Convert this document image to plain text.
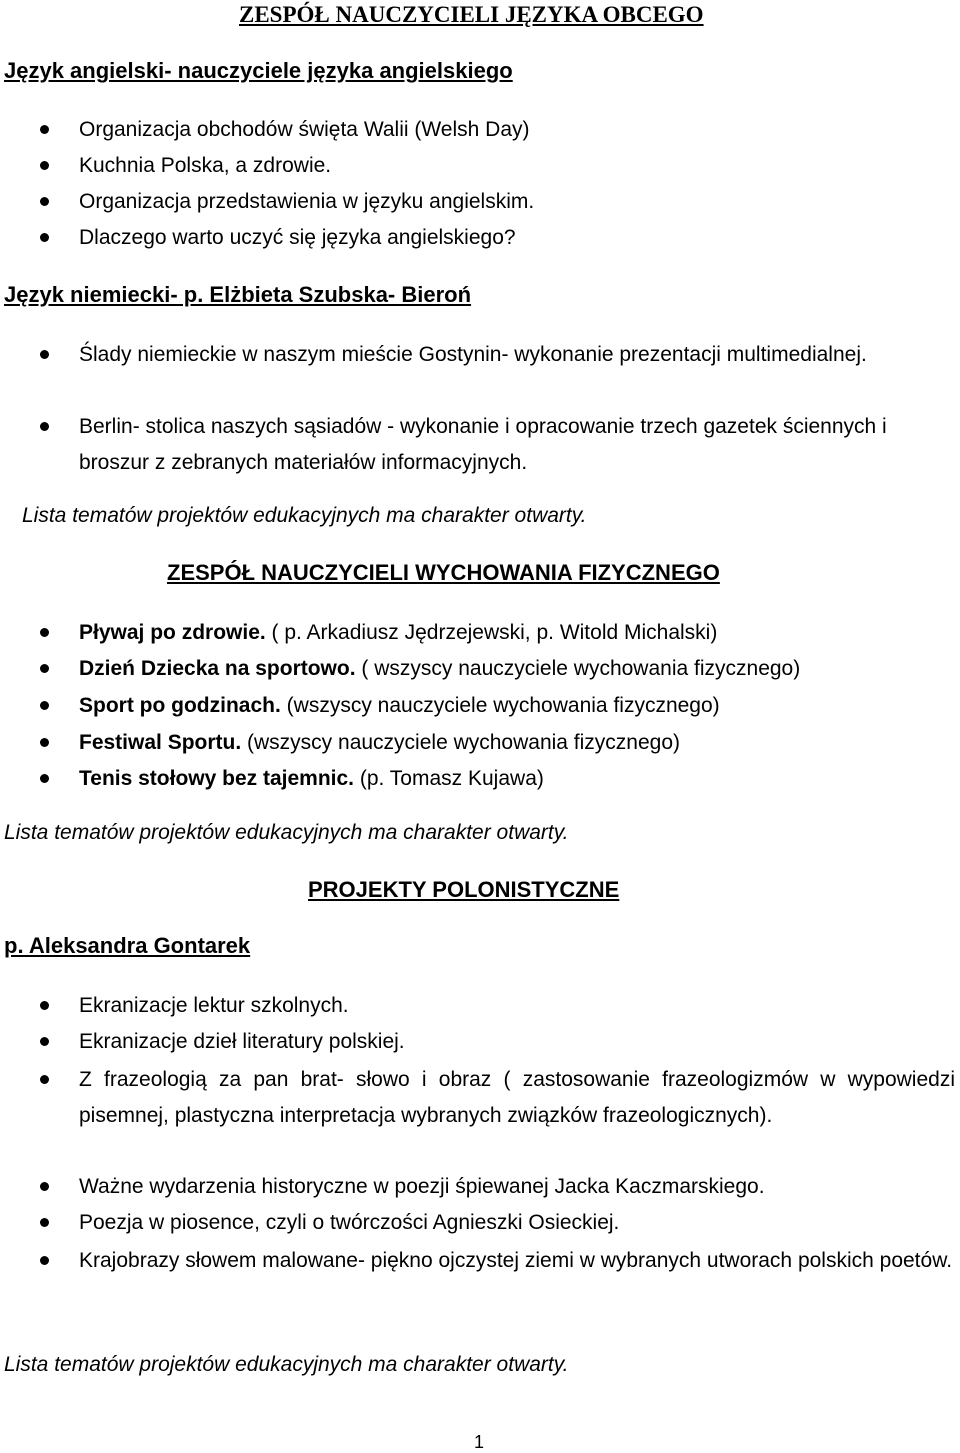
ZESPÓŁ NAUCZYCIELI JĘZYKA OBCEGO
Język angielski- nauczyciele języka angielskiego
Organizacja obchodów święta Walii (Welsh Day)
Kuchnia Polska, a zdrowie.
Organizacja przedstawienia w języku angielskim.
Dlaczego warto uczyć się języka angielskiego?
Język niemiecki- p. Elżbieta Szubska- Bieroń
Ślady niemieckie w naszym mieście Gostynin- wykonanie prezentacji multimedialnej.
Berlin- stolica naszych sąsiadów - wykonanie i opracowanie trzech gazetek ściennych i broszur z zebranych materiałów informacyjnych.

Lista tematów projektów edukacyjnych ma charakter otwarty.

ZESPÓŁ NAUCZYCIELI WYCHOWANIA FIZYCZNEGO
Pływaj po zdrowie. ( p. Arkadiusz Jędrzejewski, p. Witold Michalski)
Dzień Dziecka na sportowo. ( wszyscy nauczyciele wychowania fizycznego)
Sport po godzinach. (wszyscy nauczyciele wychowania fizycznego)
Festiwal Sportu. (wszyscy nauczyciele wychowania fizycznego)
Tenis stołowy bez tajemnic. (p. Tomasz Kujawa)

Lista tematów projektów edukacyjnych ma charakter otwarty.

PROJEKTY POLONISTYCZNE

p. Aleksandra Gontarek

Ekranizacje lektur szkolnych.
Ekranizacje dzieł literatury polskiej.
Z frazeologią za pan brat- słowo i obraz ( zastosowanie frazeologizmów w wypowiedzi pisemnej, plastyczna interpretacja wybranych związków frazeologicznych).
Ważne wydarzenia historyczne w poezji śpiewanej Jacka Kaczmarskiego.
Poezja w piosence, czyli o twórczości Agnieszki Osieckiej.
Krajobrazy słowem malowane- piękno ojczystej ziemi w wybranych utworach polskich poetów.

Lista tematów projektów edukacyjnych ma charakter otwarty.

1
